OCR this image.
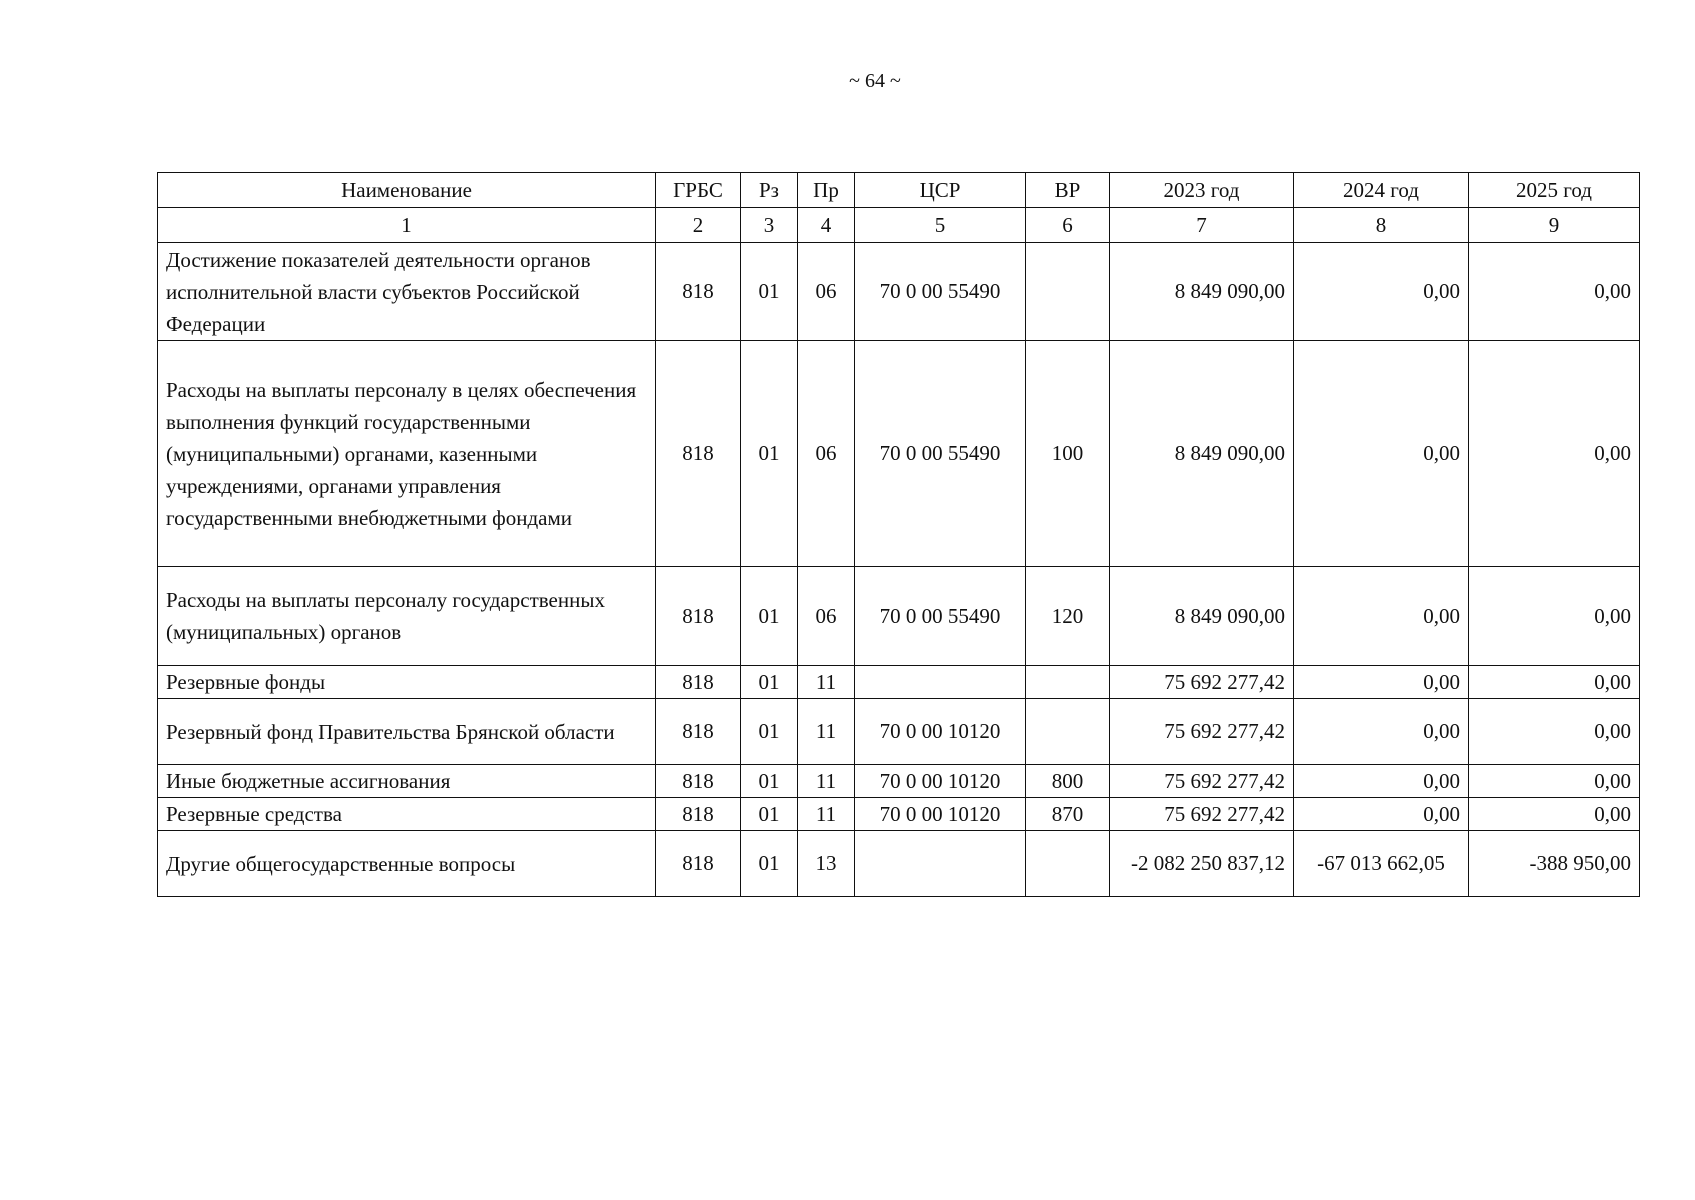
~ 64 ~
Наименование	ГРБС	Рз	Пр	ЦСР	ВР	2023 год	2024 год	2025 год
1	2	3	4	5	6	7	8	9
Достижение показателей деятельности органов исполнительной власти субъектов Российской Федерации	818	01	06	70 0 00 55490		8 849 090,00	0,00	0,00
Расходы на выплаты персоналу в целях обеспечения выполнения функций государственными (муниципальными) органами, казенными учреждениями, органами управления государственными внебюджетными фондами	818	01	06	70 0 00 55490	100	8 849 090,00	0,00	0,00
Расходы на выплаты персоналу государственных (муниципальных) органов	818	01	06	70 0 00 55490	120	8 849 090,00	0,00	0,00
Резервные фонды	818	01	11			75 692 277,42	0,00	0,00
Резервный фонд Правительства Брянской области	818	01	11	70 0 00 10120		75 692 277,42	0,00	0,00
Иные бюджетные ассигнования	818	01	11	70 0 00 10120	800	75 692 277,42	0,00	0,00
Резервные средства	818	01	11	70 0 00 10120	870	75 692 277,42	0,00	0,00
Другие общегосударственные вопросы	818	01	13			-2 082 250 837,12	-67 013 662,05	-388 950,00
